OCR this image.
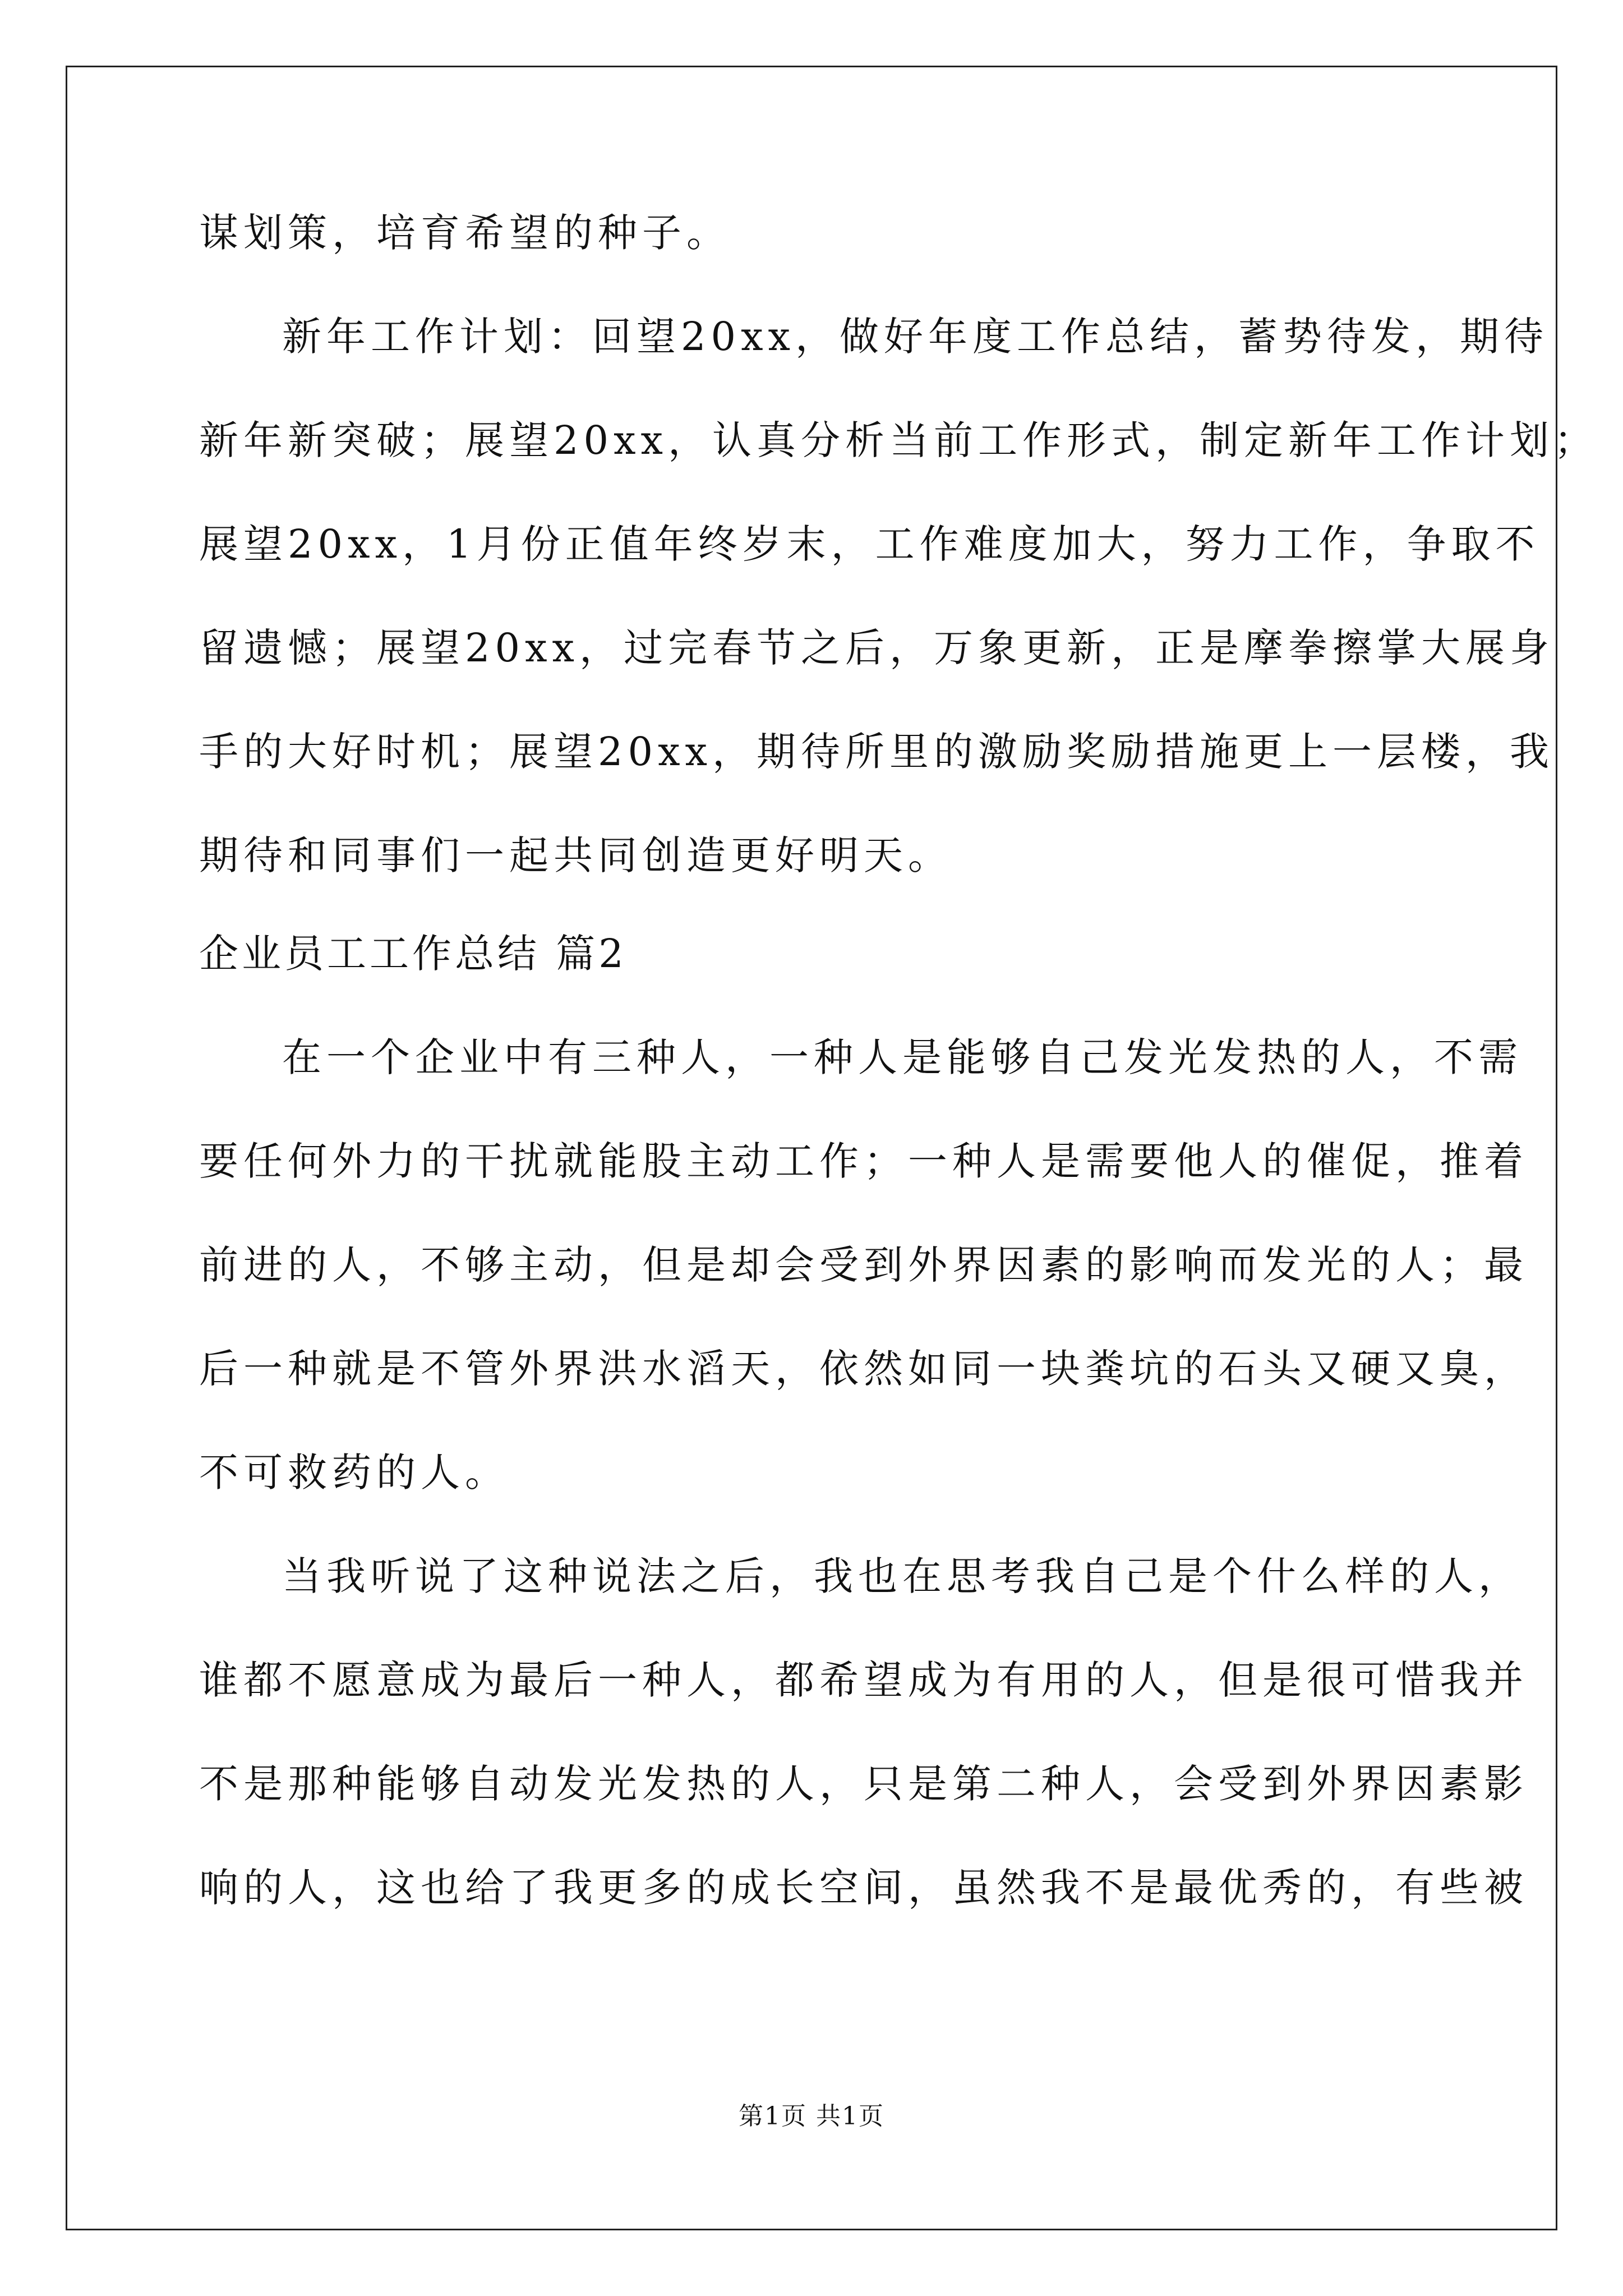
谋划策，培育希望的种子。
新年工作计划：回望20xx，做好年度工作总结，蓄势待发，期待
新年新突破；展望20xx，认真分析当前工作形式，制定新年工作计划；
展望20xx，1月份正值年终岁末，工作难度加大，努力工作，争取不
留遗憾；展望20xx，过完春节之后，万象更新，正是摩拳擦掌大展身
手的大好时机；展望20xx，期待所里的激励奖励措施更上一层楼，我
期待和同事们一起共同创造更好明天。
企业员工工作总结 篇2
在一个企业中有三种人，一种人是能够自己发光发热的人，不需
要任何外力的干扰就能股主动工作；一种人是需要他人的催促，推着
前进的人，不够主动，但是却会受到外界因素的影响而发光的人；最
后一种就是不管外界洪水滔天，依然如同一块粪坑的石头又硬又臭，
不可救药的人。
当我听说了这种说法之后，我也在思考我自己是个什么样的人，
谁都不愿意成为最后一种人，都希望成为有用的人，但是很可惜我并
不是那种能够自动发光发热的人，只是第二种人，会受到外界因素影
响的人，这也给了我更多的成长空间，虽然我不是最优秀的，有些被
第1页 共1页
